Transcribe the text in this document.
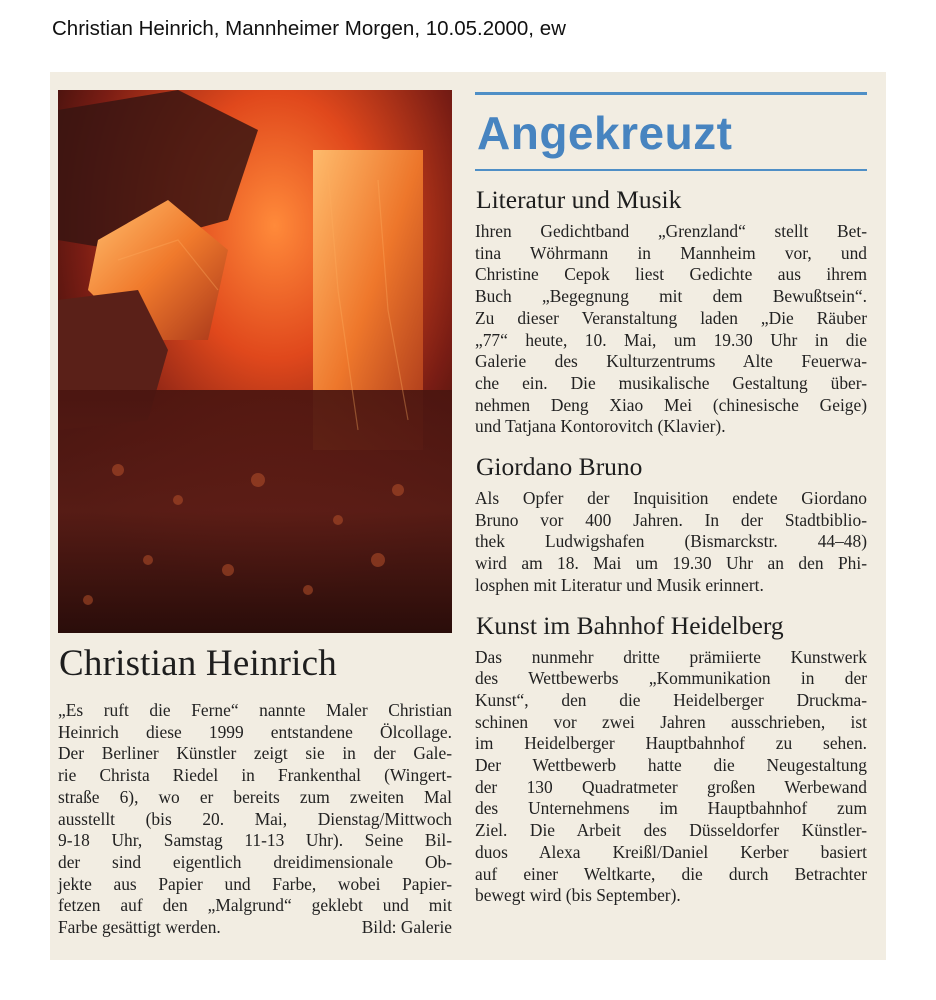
Christian Heinrich, Mannheimer Morgen, 10.05.2000, ew
Christian Heinrich
„Es ruft die Ferne“ nannte Maler Christian
Heinrich diese 1999 entstandene Ölcollage.
Der Berliner Künstler zeigt sie in der Gale-
rie Christa Riedel in Frankenthal (Wingert-
straße 6), wo er bereits zum zweiten Mal
ausstellt (bis 20. Mai, Dienstag/Mittwoch
9-18 Uhr, Samstag 11-13 Uhr). Seine Bil-
der sind eigentlich dreidimensionale Ob-
jekte aus Papier und Farbe, wobei Papier-
fetzen auf den „Malgrund“ geklebt und mit
Farbe gesättigt werden.	Bild: Galerie
Angekreuzt
Literatur und Musik
Ihren Gedichtband „Grenzland“ stellt Bet-
tina Wöhrmann in Mannheim vor, und
Christine Cepok liest Gedichte aus ihrem
Buch „Begegnung mit dem Bewußtsein“.
Zu dieser Veranstaltung laden „Die Räuber
„77“ heute, 10. Mai, um 19.30 Uhr in die
Galerie des Kulturzentrums Alte Feuerwa-
che ein. Die musikalische Gestaltung über-
nehmen Deng Xiao Mei (chinesische Geige)
und Tatjana Kontorovitch (Klavier).
Giordano Bruno
Als Opfer der Inquisition endete Giordano
Bruno vor 400 Jahren. In der Stadtbiblio-
thek Ludwigshafen (Bismarckstr. 44–48)
wird am 18. Mai um 19.30 Uhr an den Phi-
losphen mit Literatur und Musik erinnert.
Kunst im Bahnhof Heidelberg
Das nunmehr dritte prämiierte Kunstwerk
des Wettbewerbs „Kommunikation in der
Kunst“, den die Heidelberger Druckma-
schinen vor zwei Jahren ausschrieben, ist
im Heidelberger Hauptbahnhof zu sehen.
Der Wettbewerb hatte die Neugestaltung
der 130 Quadratmeter großen Werbewand
des Unternehmens im Hauptbahnhof zum
Ziel. Die Arbeit des Düsseldorfer Künstler-
duos Alexa Kreißl/Daniel Kerber basiert
auf einer Weltkarte, die durch Betrachter
bewegt wird (bis September).
